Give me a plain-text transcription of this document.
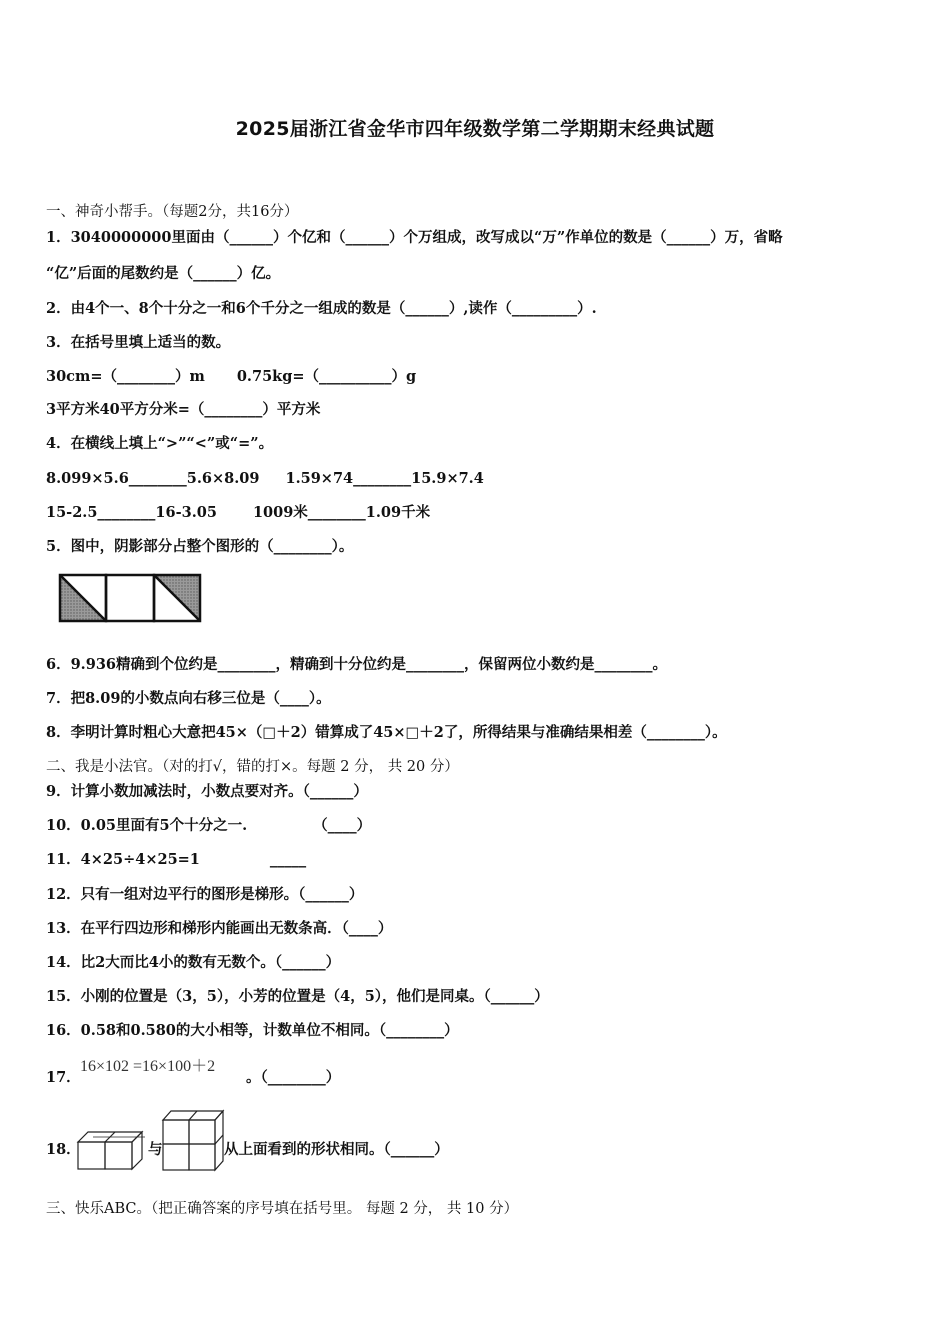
2025届浙江省金华市四年级数学第二学期期末经典试题
一、神奇小帮手。（每题2分，共16分）
1．3040000000里面由（______）个亿和（______）个万组成，改写成以“万”作单位的数是（______）万，省略
“亿”后面的尾数约是（______）亿。
2．由4个一、8个十分之一和6个千分之一组成的数是（______）,读作（_________）.
3．在括号里填上适当的数。
30cm=（________）m 0.75kg=（__________）g
3平方米40平方分米=（________）平方米
4．在横线上填上“>”“<”或“=”。
8.099×5.6________5.6×8.09 1.59×74________15.9×7.4
15-2.5________16-3.05 1009米________1.09千米
5．图中，阴影部分占整个图形的（________）。
6．9.936精确到个位约是________，精确到十分位约是________，保留两位小数约是________。
7．把8.09的小数点向右移三位是（____）。
8．李明计算时粗心大意把45×（□＋2）错算成了45×□＋2了，所得结果与准确结果相差（________）。
二、我是小法官。（对的打√，错的打×。每题 2 分， 共 20 分）
9．计算小数加减法时，小数点要对齐。（______）
10．0.05里面有5个十分之一.	（____）
11．4×25÷4×25=1	_____
12．只有一组对边平行的图形是梯形。（______）
13．在平行四边形和梯形内能画出无数条高．（____）
14．比2大而比4小的数有无数个。（______）
15．小刚的位置是（3，5），小芳的位置是（4，5），他们是同桌。（______）
16．0.58和0.580的大小相等，计数单位不相同。（________）
17．
16×102 =16×100＋2
。（________）
18．	与	从上面看到的形状相同。（______）
三、快乐ABC。（把正确答案的序号填在括号里。 每题 2 分， 共 10 分）
